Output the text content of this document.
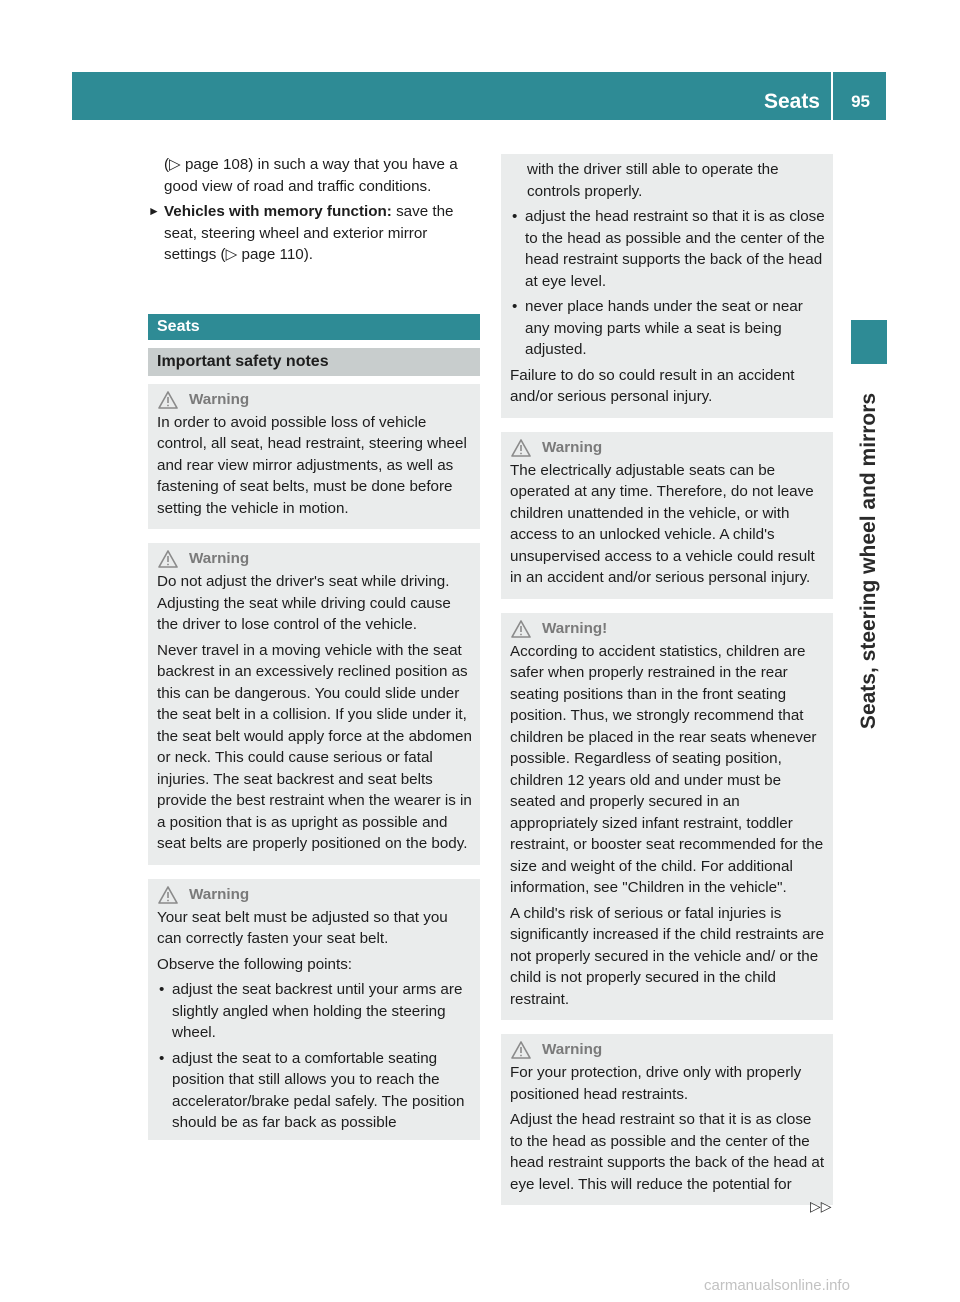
Seats 95
Seats, steering wheel and mirrors
(▷ page 108) in such a way that you have a good view of road and traffic conditions.
► Vehicles with memory function: save the seat, steering wheel and exterior mirror settings (▷ page 110).
Seats
Important safety notes
Warning
In order to avoid possible loss of vehicle control, all seat, head restraint, steering wheel and rear view mirror adjustments, as well as fastening of seat belts, must be done before setting the vehicle in motion.
Warning
Do not adjust the driver's seat while driving. Adjusting the seat while driving could cause the driver to lose control of the vehicle.
Never travel in a moving vehicle with the seat backrest in an excessively reclined position as this can be dangerous. You could slide under the seat belt in a collision. If you slide under it, the seat belt would apply force at the abdomen or neck. This could cause serious or fatal injuries. The seat backrest and seat belts provide the best restraint when the wearer is in a position that is as upright as possible and seat belts are properly positioned on the body.
Warning
Your seat belt must be adjusted so that you can correctly fasten your seat belt.
Observe the following points:
• adjust the seat backrest until your arms are slightly angled when holding the steering wheel.
• adjust the seat to a comfortable seating position that still allows you to reach the accelerator/brake pedal safely. The position should be as far back as possible
with the driver still able to operate the controls properly.
• adjust the head restraint so that it is as close to the head as possible and the center of the head restraint supports the back of the head at eye level.
• never place hands under the seat or near any moving parts while a seat is being adjusted.
Failure to do so could result in an accident and/or serious personal injury.
Warning
The electrically adjustable seats can be operated at any time. Therefore, do not leave children unattended in the vehicle, or with access to an unlocked vehicle. A child's unsupervised access to a vehicle could result in an accident and/or serious personal injury.
Warning!
According to accident statistics, children are safer when properly restrained in the rear seating positions than in the front seating position. Thus, we strongly recommend that children be placed in the rear seats whenever possible. Regardless of seating position, children 12 years old and under must be seated and properly secured in an appropriately sized infant restraint, toddler restraint, or booster seat recommended for the size and weight of the child. For additional information, see "Children in the vehicle".
A child's risk of serious or fatal injuries is significantly increased if the child restraints are not properly secured in the vehicle and/ or the child is not properly secured in the child restraint.
Warning
For your protection, drive only with properly positioned head restraints.
Adjust the head restraint so that it is as close to the head as possible and the center of the head restraint supports the back of the head at eye level. This will reduce the potential for
▷▷
carmanualsonline.info
